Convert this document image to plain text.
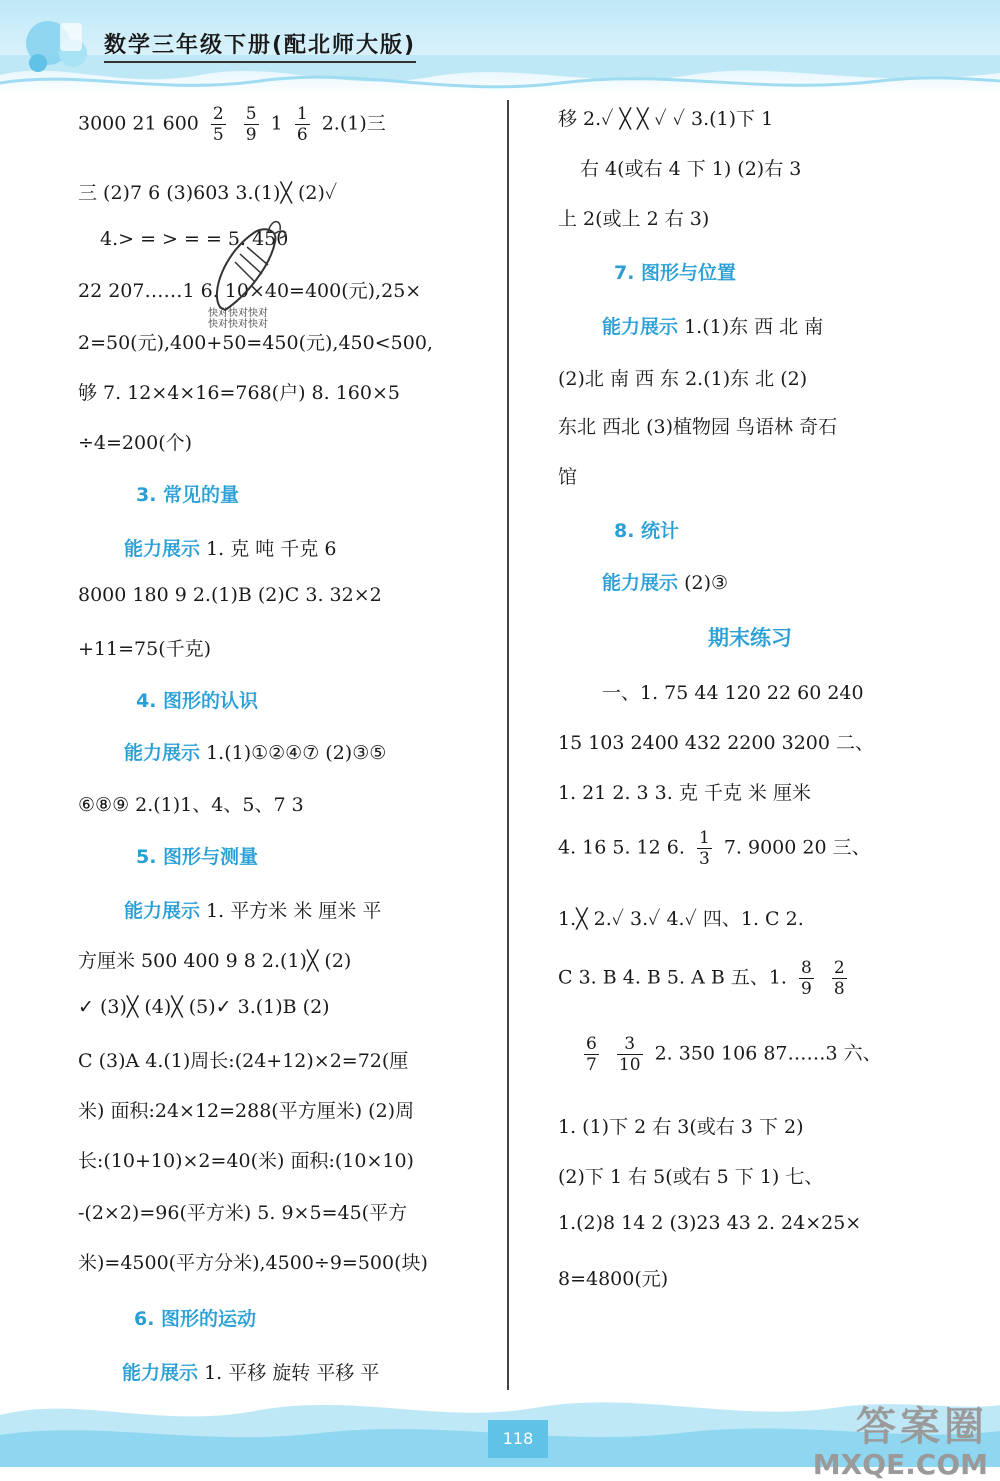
数学三年级下册(配北师大版)
3000 21 $600 \frac{2}{5}$
$\frac{5}{9} 1 \frac{1}{6} 2.(1)$三
三 (2)7 6 (3)603 3.(1)╳ (2)✓
4.> = > = = 5. 450
22 207……1 6. 10×40=400(元),25×
2=50(元),400+50=450(元),450<500,
够 7. 12×4×16=768(户) 8. 160×5
÷4=200(个)
3. 常见的量
能力展示 1. 克 吨 千克 6
8000 180 9 2.(1)B (2)C 3. 32×2
+11=75(千克)
4. 图形的认识
能力展示 1.(1)①②④⑦ (2)③⑤
⑥⑧⑨ 2.(1)1、4、5、7 3
5. 图形与测量
能力展示 1. 平方米 米 厘米 平
方厘米 500 400 9 8 2.(1)╳ (2)
✓ (3)╳ (4)╳ (5)✓ 3.(1)B (2)
C (3)A 4.(1)周长:(24+12)×2=72(厘
米) 面积:24×12=288(平方厘米) (2)周
长:(10+10)×2=40(米) 面积:(10×10)
-(2×2)=96(平方米) 5. 9×5=45(平方
米)=4500(平方分米),4500÷9=500(块)
6. 图形的运动
能力展示 1. 平移 旋转 平移 平
快对快对快对
快对快对快对
移 2.✓ ╳ ╳ ✓ ✓ 3.(1)下 1
右 4(或右 4 下 1) (2)右 3
上 2(或上 2 右 3)
7. 图形与位置
能力展示 1.(1)东 西 北 南
(2)北 南 西 东 2.(1)东 北 (2)
东北 西北 (3)植物园 鸟语林 奇石
馆
8. 统计
能力展示 (2)③
期末练习
一、1. 75 44 120 22 60 240
15 103 2400 432 2200 3200 二、
1. 21 2. 3 3. 克 千克 米 厘米
4. 16 5. 12 6. $\frac{1}{3} 7$. 9000 20 三、
1.╳ 2.✓ 3.✓ 4.✓ 四、1. C 2.
C 3. B 4. B 5. A B 五、1. $\frac{8}{9}$
$\frac{2}{8}$
$\frac{6}{7}$
$\frac{3}{10} 2$. 350 106 87……3 六、
1. (1)下 2 右 3(或右 3 下 2)
(2)下 1 右 5(或右 5 下 1) 七、
1.(2)8 14 2 (3)23 43 2. 24×25×
8=4800(元)
118	答案圈
MXQE.COM
